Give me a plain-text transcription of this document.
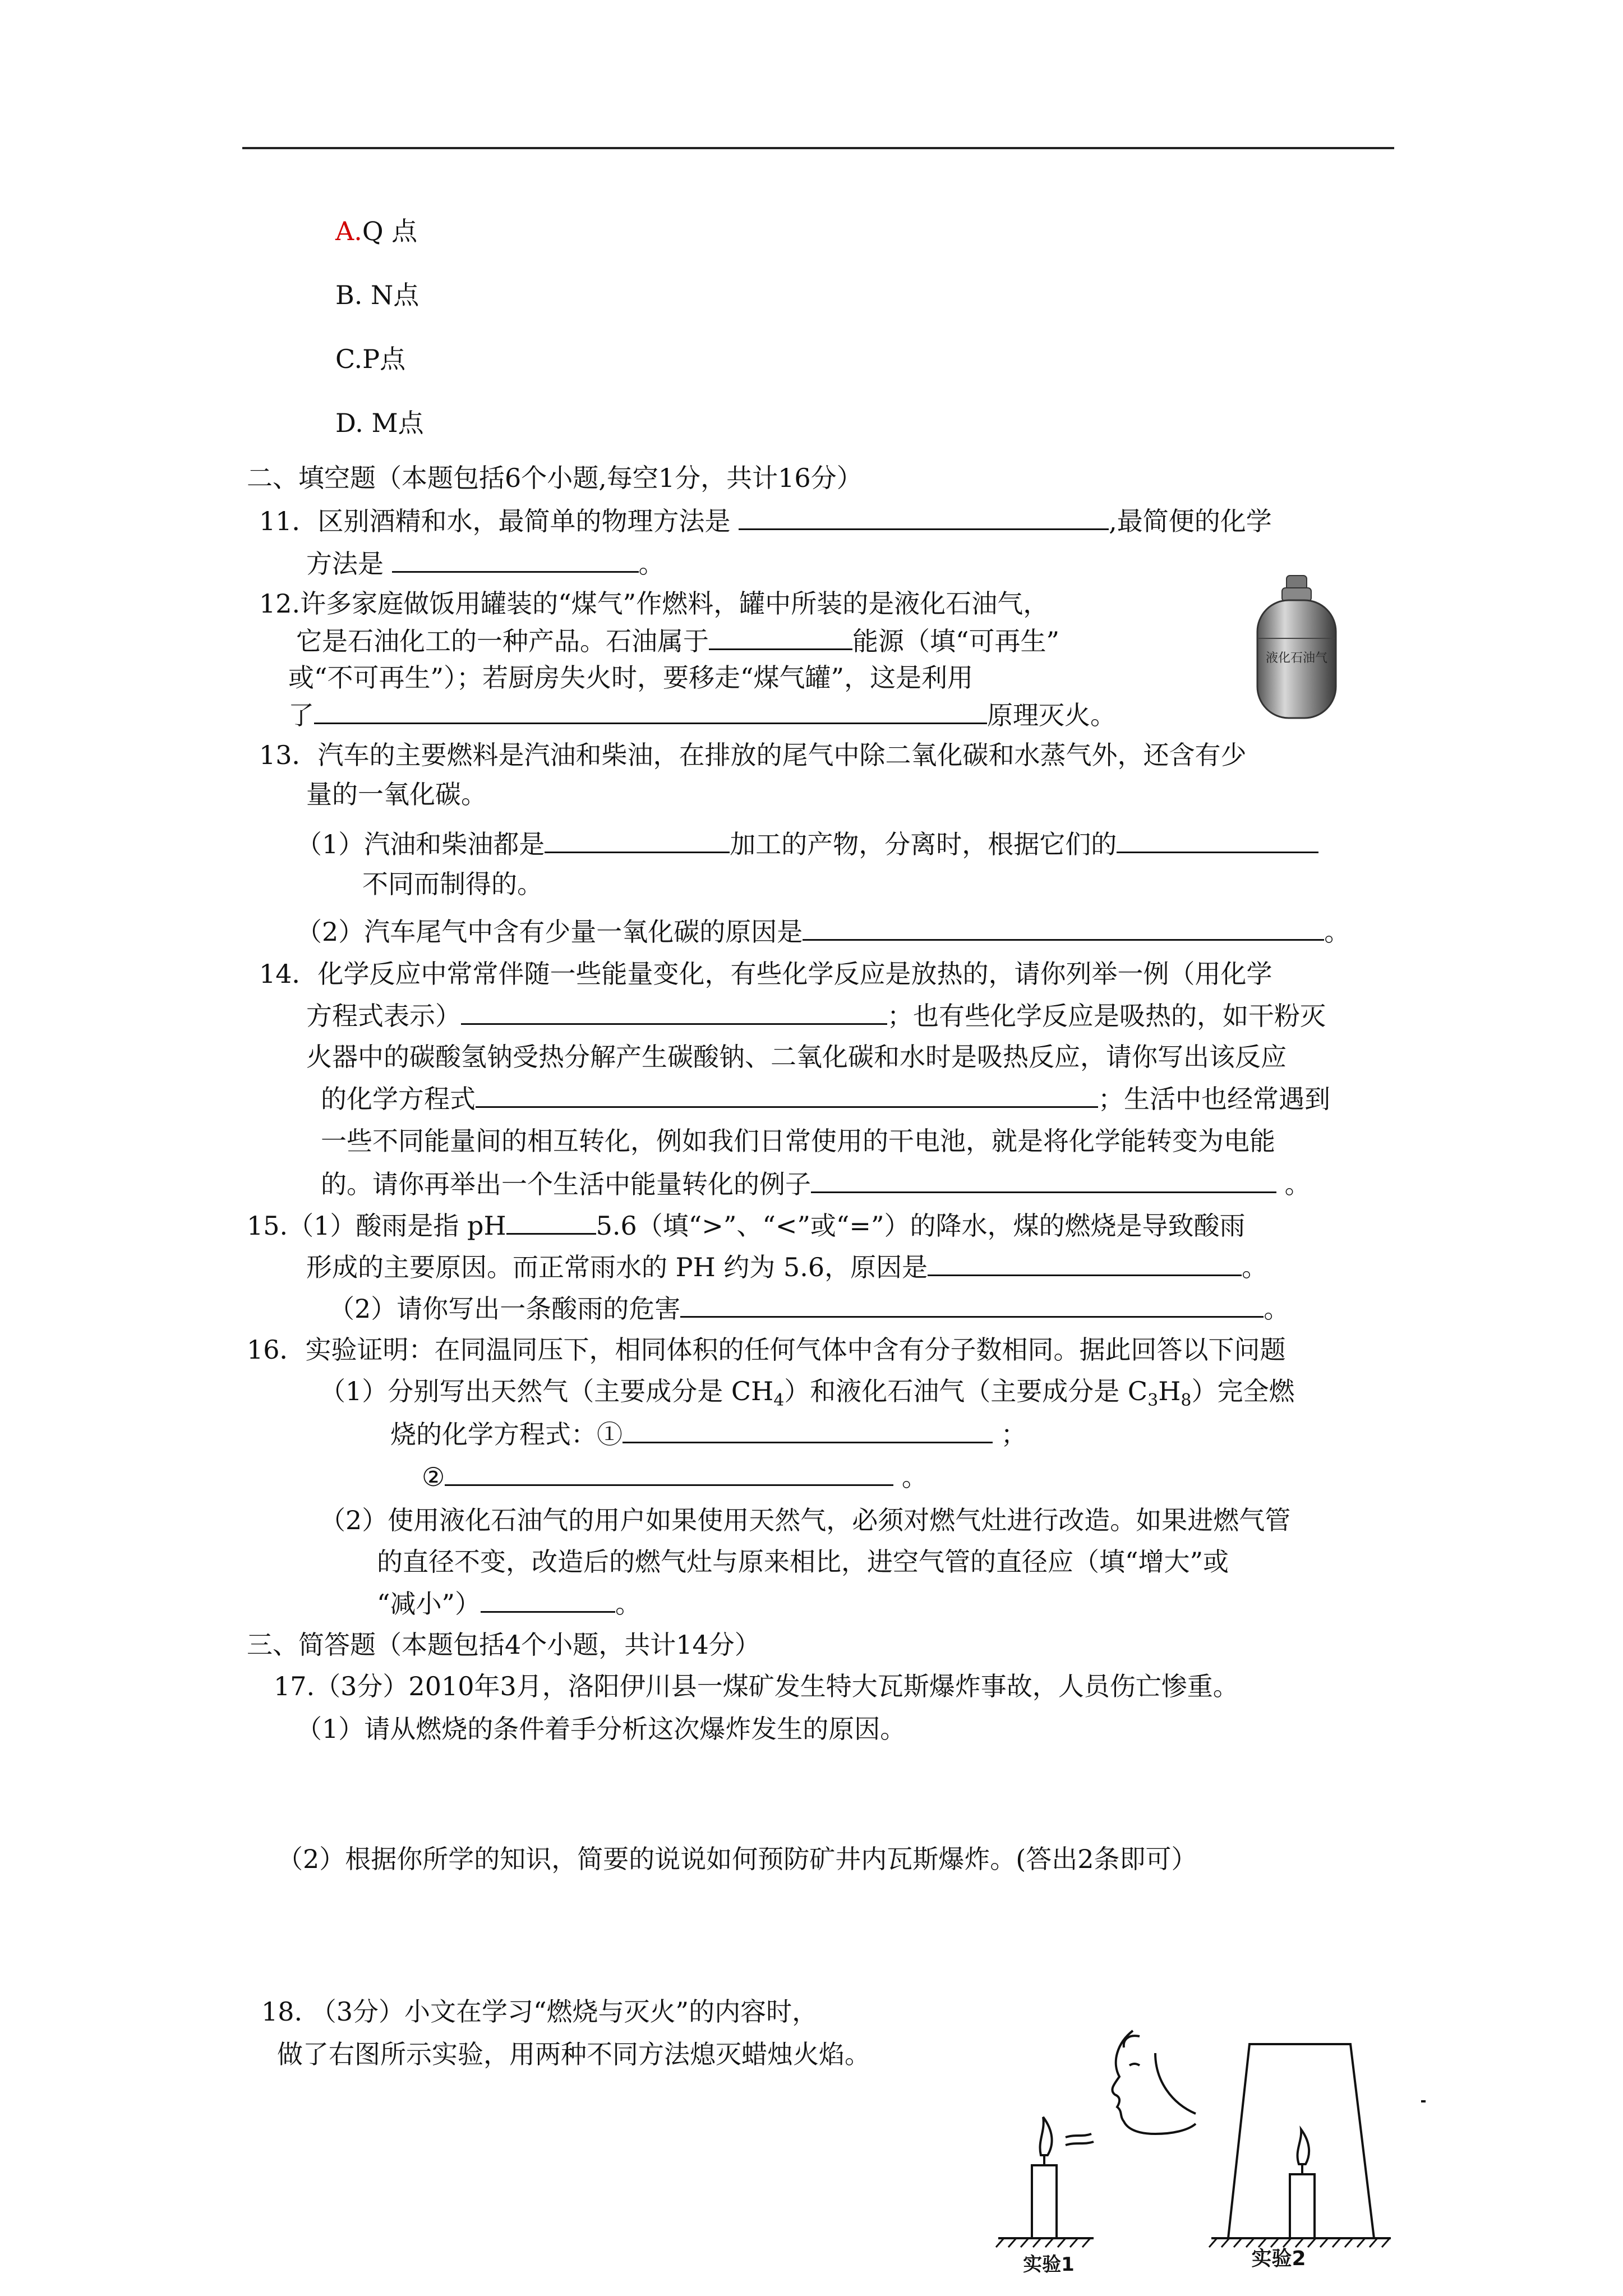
A.Q 点
B. N点
C.P点
D. M点
二、填空题（本题包括6个小题,每空1分，共计16分）
11．区别酒精和水，最简单的物理方法是	,最简便的化学
方法是	。
12.许多家庭做饭用罐装的“煤气”作燃料，罐中所装的是液化石油气，
它是石油化工的一种产品。石油属于	能源（填“可再生”
或“不可再生”）；若厨房失火时，要移走“煤气罐”，这是利用
了	原理灭火。
液化石油气
13．汽车的主要燃料是汽油和柴油，在排放的尾气中除二氧化碳和水蒸气外，还含有少
量的一氧化碳。
（1）汽油和柴油都是	加工的产物，分离时，根据它们的
不同而制得的。
（2）汽车尾气中含有少量一氧化碳的原因是	。
14．化学反应中常常伴随一些能量变化，有些化学反应是放热的，请你列举一例（用化学
方程式表示）	；也有些化学反应是吸热的，如干粉灭
火器中的碳酸氢钠受热分解产生碳酸钠、二氧化碳和水时是吸热反应，请你写出该反应
的化学方程式	；生活中也经常遇到
一些不同能量间的相互转化，例如我们日常使用的干电池，就是将化学能转变为电能
的。请你再举出一个生活中能量转化的例子	。
15.（1）酸雨是指 pH	5.6（填“>”、“<”或“=”）的降水，煤的燃烧是导致酸雨
形成的主要原因。而正常雨水的 PH 约为 5.6，原因是	。
（2）请你写出一条酸雨的危害	。
16．实验证明：在同温同压下，相同体积的任何气体中含有分子数相同。据此回答以下问题
（1）分别写出天然气（主要成分是 $CH_4$）和液化石油气（主要成分是 $C_3H_8$）完全燃
烧的化学方程式：①	；
②	。
（2）使用液化石油气的用户如果使用天然气，必须对燃气灶进行改造。如果进燃气管
的直径不变，改造后的燃气灶与原来相比，进空气管的直径应（填“增大”或
“减小”）	。
三、简答题（本题包括4个小题，共计14分）
17.（3分）2010年3月，洛阳伊川县一煤矿发生特大瓦斯爆炸事故，人员伤亡惨重。
（1）请从燃烧的条件着手分析这次爆炸发生的原因。
（2）根据你所学的知识，简要的说说如何预防矿井内瓦斯爆炸。(答出2条即可）
18. （3分）小文在学习“燃烧与灭火”的内容时，
做了右图所示实验，用两种不同方法熄灭蜡烛火焰。
实验1	实验2
